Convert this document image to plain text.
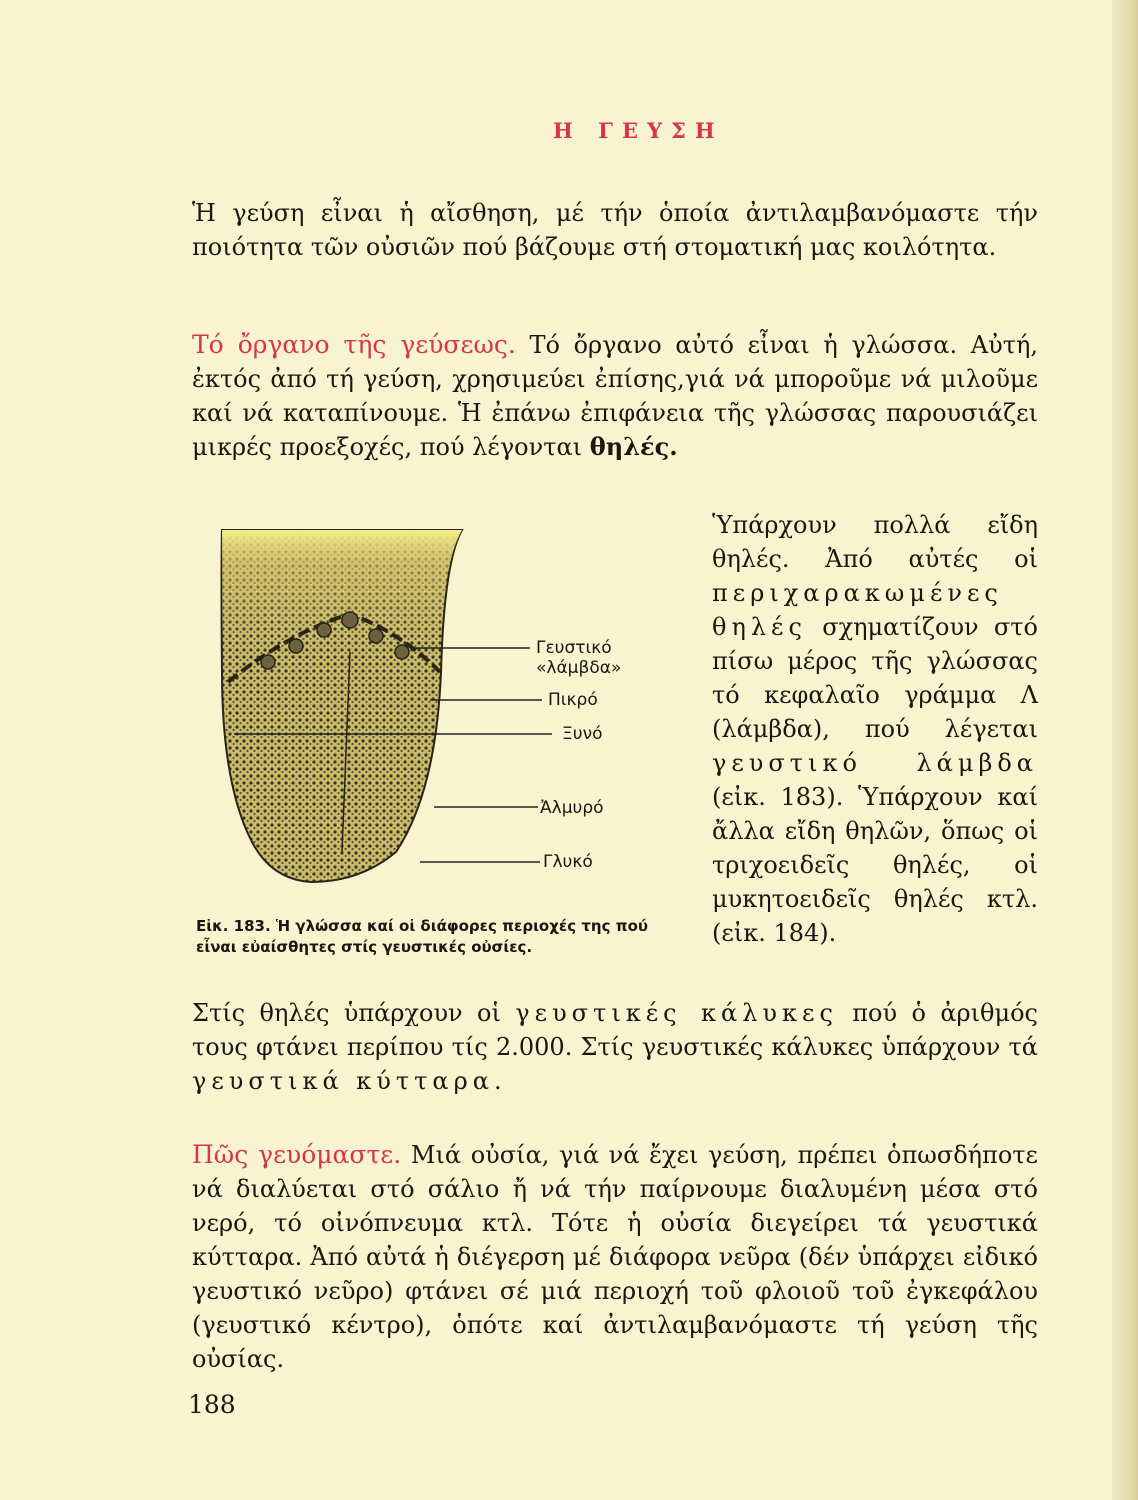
Η ΓΕΥΣΗ
Ἡ γεύση εἶναι ἡ αἴσθηση, μέ τήν ὁποία ἀντιλαμβανόμαστε τήν ποιότητα τῶν οὐσιῶν πού βάζουμε στή στοματική μας κοιλότητα.
Τό ὄργανο τῆς γεύσεως. Τό ὄργανο αὐτό εἶναι ἡ γλώσσα. Αὐτή, ἐκτός ἀπό τή γεύση, χρησιμεύει ἐπίσης,γιά νά μποροῦμε νά μιλοῦμε καί νά καταπίνουμε. Ἡ ἐπάνω ἐπιφάνεια τῆς γλώσσας παρουσιάζει μικρές προεξοχές, πού λέγονται θηλές.
Γευστικό
«λάμβδα»
Πικρό
Ξυνό
Ἀλμυρό
Γλυκό
Εἰκ. 183. Ἡ γλώσσα καί οἱ διάφορες περιοχές της πού εἶναι εὐαίσθητες στίς γευστικές οὐσίες.
Ὑπάρχουν πολλά εἴδη θηλές. Ἀπό αὐτές οἱ περιχαρακωμένες θηλές σχηματίζουν στό πίσω μέρος τῆς γλώσσας τό κεφαλαῖο γράμμα Λ (λάμβδα), πού λέγεται γευστικό λάμβδα (εἰκ. 183). Ὑπάρχουν καί ἄλλα εἴδη θηλῶν, ὅπως οἱ τριχοειδεῖς θηλές, οἱ μυκητοειδεῖς θηλές κτλ. (εἰκ. 184).
Στίς θηλές ὑπάρχουν οἱ γευστικές κάλυκες πού ὁ ἀριθμός τους φτάνει περίπου τίς 2.000. Στίς γευστικές κάλυκες ὑπάρχουν τά γευστικά κύτταρα.
Πῶς γευόμαστε. Μιά οὐσία, γιά νά ἔχει γεύση, πρέπει ὁπωσδήποτε νά διαλύεται στό σάλιο ἤ νά τήν παίρνουμε διαλυμένη μέσα στό νερό, τό οἰνόπνευμα κτλ. Τότε ἡ οὐσία διεγείρει τά γευστικά κύτταρα. Ἀπό αὐτά ἡ διέγερση μέ διάφορα νεῦρα (δέν ὑπάρχει εἰδικό γευστικό νεῦρο) φτάνει σέ μιά περιοχή τοῦ φλοιοῦ τοῦ ἐγκεφάλου (γευστικό κέντρο), ὁπότε καί ἀντιλαμβανόμαστε τή γεύση τῆς οὐσίας.
188
